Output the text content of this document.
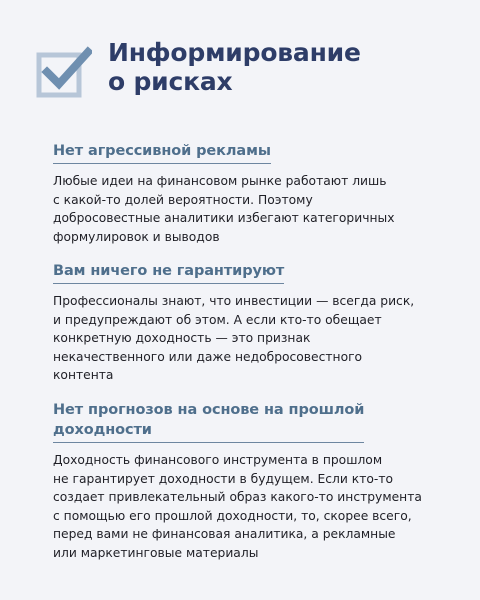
Информирование
о рисках
Нет агрессивной рекламы
Любые идеи на финансовом рынке работают лишь
с какой-то долей вероятности. Поэтому
добросовестные аналитики избегают категоричных
формулировок и выводов
Вам ничего не гарантируют
Профессионалы знают, что инвестиции — всегда риск,
и предупреждают об этом. А если кто-то обещает
конкретную доходность — это признак
некачественного или даже недобросовестного
контента
Нет прогнозов на основе на прошлой
доходности
Доходность финансового инструмента в прошлом
не гарантирует доходности в будущем. Если кто-то
создает привлекательный образ какого-то инструмента
с помощью его прошлой доходности, то, скорее всего,
перед вами не финансовая аналитика, а рекламные
или маркетинговые материалы
